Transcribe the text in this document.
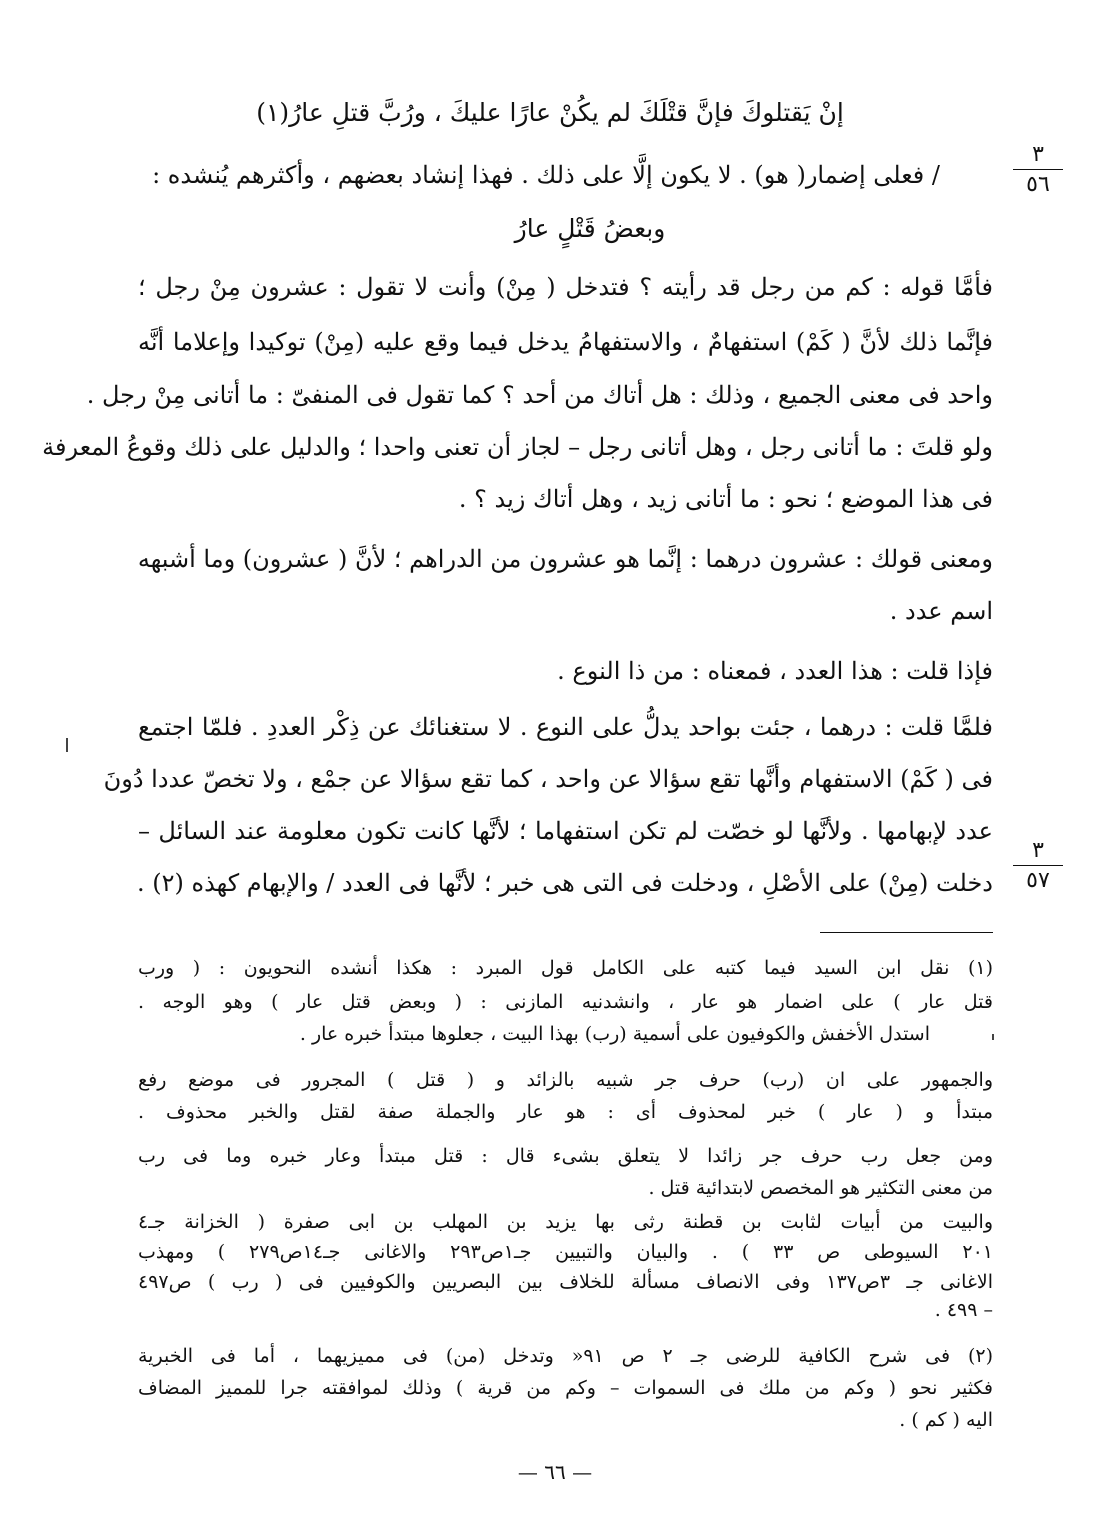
إنْ يَقتلوكَ فإنَّ قتْلَكَ لم يكُنْ عارًا عليكَ ، ورُبَّ قتلِ عارُ(١)
٣
٥٦
/ فعلى إضمار( هو) . لا يكون إلَّا على ذلك . فهذا إنشاد بعضهم ، وأكثرهم يُنشده :
وبعضُ قَتْلٍ عارُ
فأمَّا قوله : كم من رجل قد رأيته ؟ فتدخل ( مِنْ) وأنت لا تقول : عشرون مِنْ رجل ؛
فإنَّما ذلك لأنَّ ( كَمْ) استفهامٌ ، والاستفهامُ يدخل فيما وقع عليه (مِنْ) توكيدا وإعلاما أنَّه
واحد فى معنى الجميع ، وذلك : هل أتاك من أحد ؟ كما تقول فى المنفىّ : ما أتانى مِنْ رجل .
ولو قلتَ : ما أتانى رجل ، وهل أتانى رجل – لجاز أن تعنى واحدا ؛ والدليل على ذلك وقوعُ المعرفة
فى هذا الموضع ؛ نحو : ما أتانى زيد ، وهل أتاك زيد ؟ .
ومعنى قولك : عشرون درهما : إنَّما هو عشرون من الدراهم ؛ لأنَّ ( عشرون) وما أشبهه
اسم عدد .
فإذا قلت : هذا العدد ، فمعناه : من ذا النوع .
فلمَّا قلت : درهما ، جئت بواحد يدلُّ على النوع . لا ستغنائك عن ذِكْر العددِ . فلمّا اجتمع
فى ( كَمْ) الاستفهام وأنَّها تقع سؤالا عن واحد ، كما تقع سؤالا عن جمْع ، ولا تخصّ عددا دُونَ
عدد لإبهامها . ولأنَّها لو خصّت لم تكن استفهاما ؛ لأنَّها كانت تكون معلومة عند السائل –
دخلت (مِنْ) على الأصْلِ ، ودخلت فى التى هى خبر ؛ لأنَّها فى العدد / والإبهام كهذه (٢) .
٣
٥٧
(١) نقل ابن السيد فيما كتبه على الكامل قول المبرد : هكذا أنشده النحويون : ( ورب
قتل عار ) على اضمار هو عار ، وانشدنيه المازنى : ( وبعض قتل عار ) وهو الوجه .
استدل الأخفش والكوفيون على أسمية (رب) بهذا البيت ، جعلوها مبتدأ خبره عار .
والجمهور على ان (رب) حرف جر شبيه بالزائد و ( قتل ) المجرور فى موضع رفع
مبتدأ و ( عار ) خبر لمحذوف أى : هو عار والجملة صفة لقتل والخبر محذوف .
ومن جعل رب حرف جر زائدا لا يتعلق بشىء قال : قتل مبتدأ وعار خبره وما فى رب
من معنى التكثير هو المخصص لابتدائية قتل .
والبيت من أبيات لثابت بن قطنة رثى بها يزيد بن المهلب بن ابى صفرة ( الخزانة جـ٤
٢٠١ السيوطى ص ٣٣ ) . والبيان والتبيين جـ١ص٢٩٣ والاغانى جـ١٤ص٢٧٩ ) ومهذب
الاغانى جـ ٣ص١٣٧ وفى الانصاف مسألة للخلاف بين البصريين والكوفيين فى ( رب ) ص٤٩٧
– ٤٩٩ .
(٢) فى شرح الكافية للرضى جـ ٢ ص ٩١« وتدخل (من) فى مميزيهما ، أما فى الخبرية
فكثير نحو ( وكم من ملك فى السموات – وكم من قرية ) وذلك لموافقته جرا للمميز المضاف
اليه ( كم ) .
— ٦٦ —
